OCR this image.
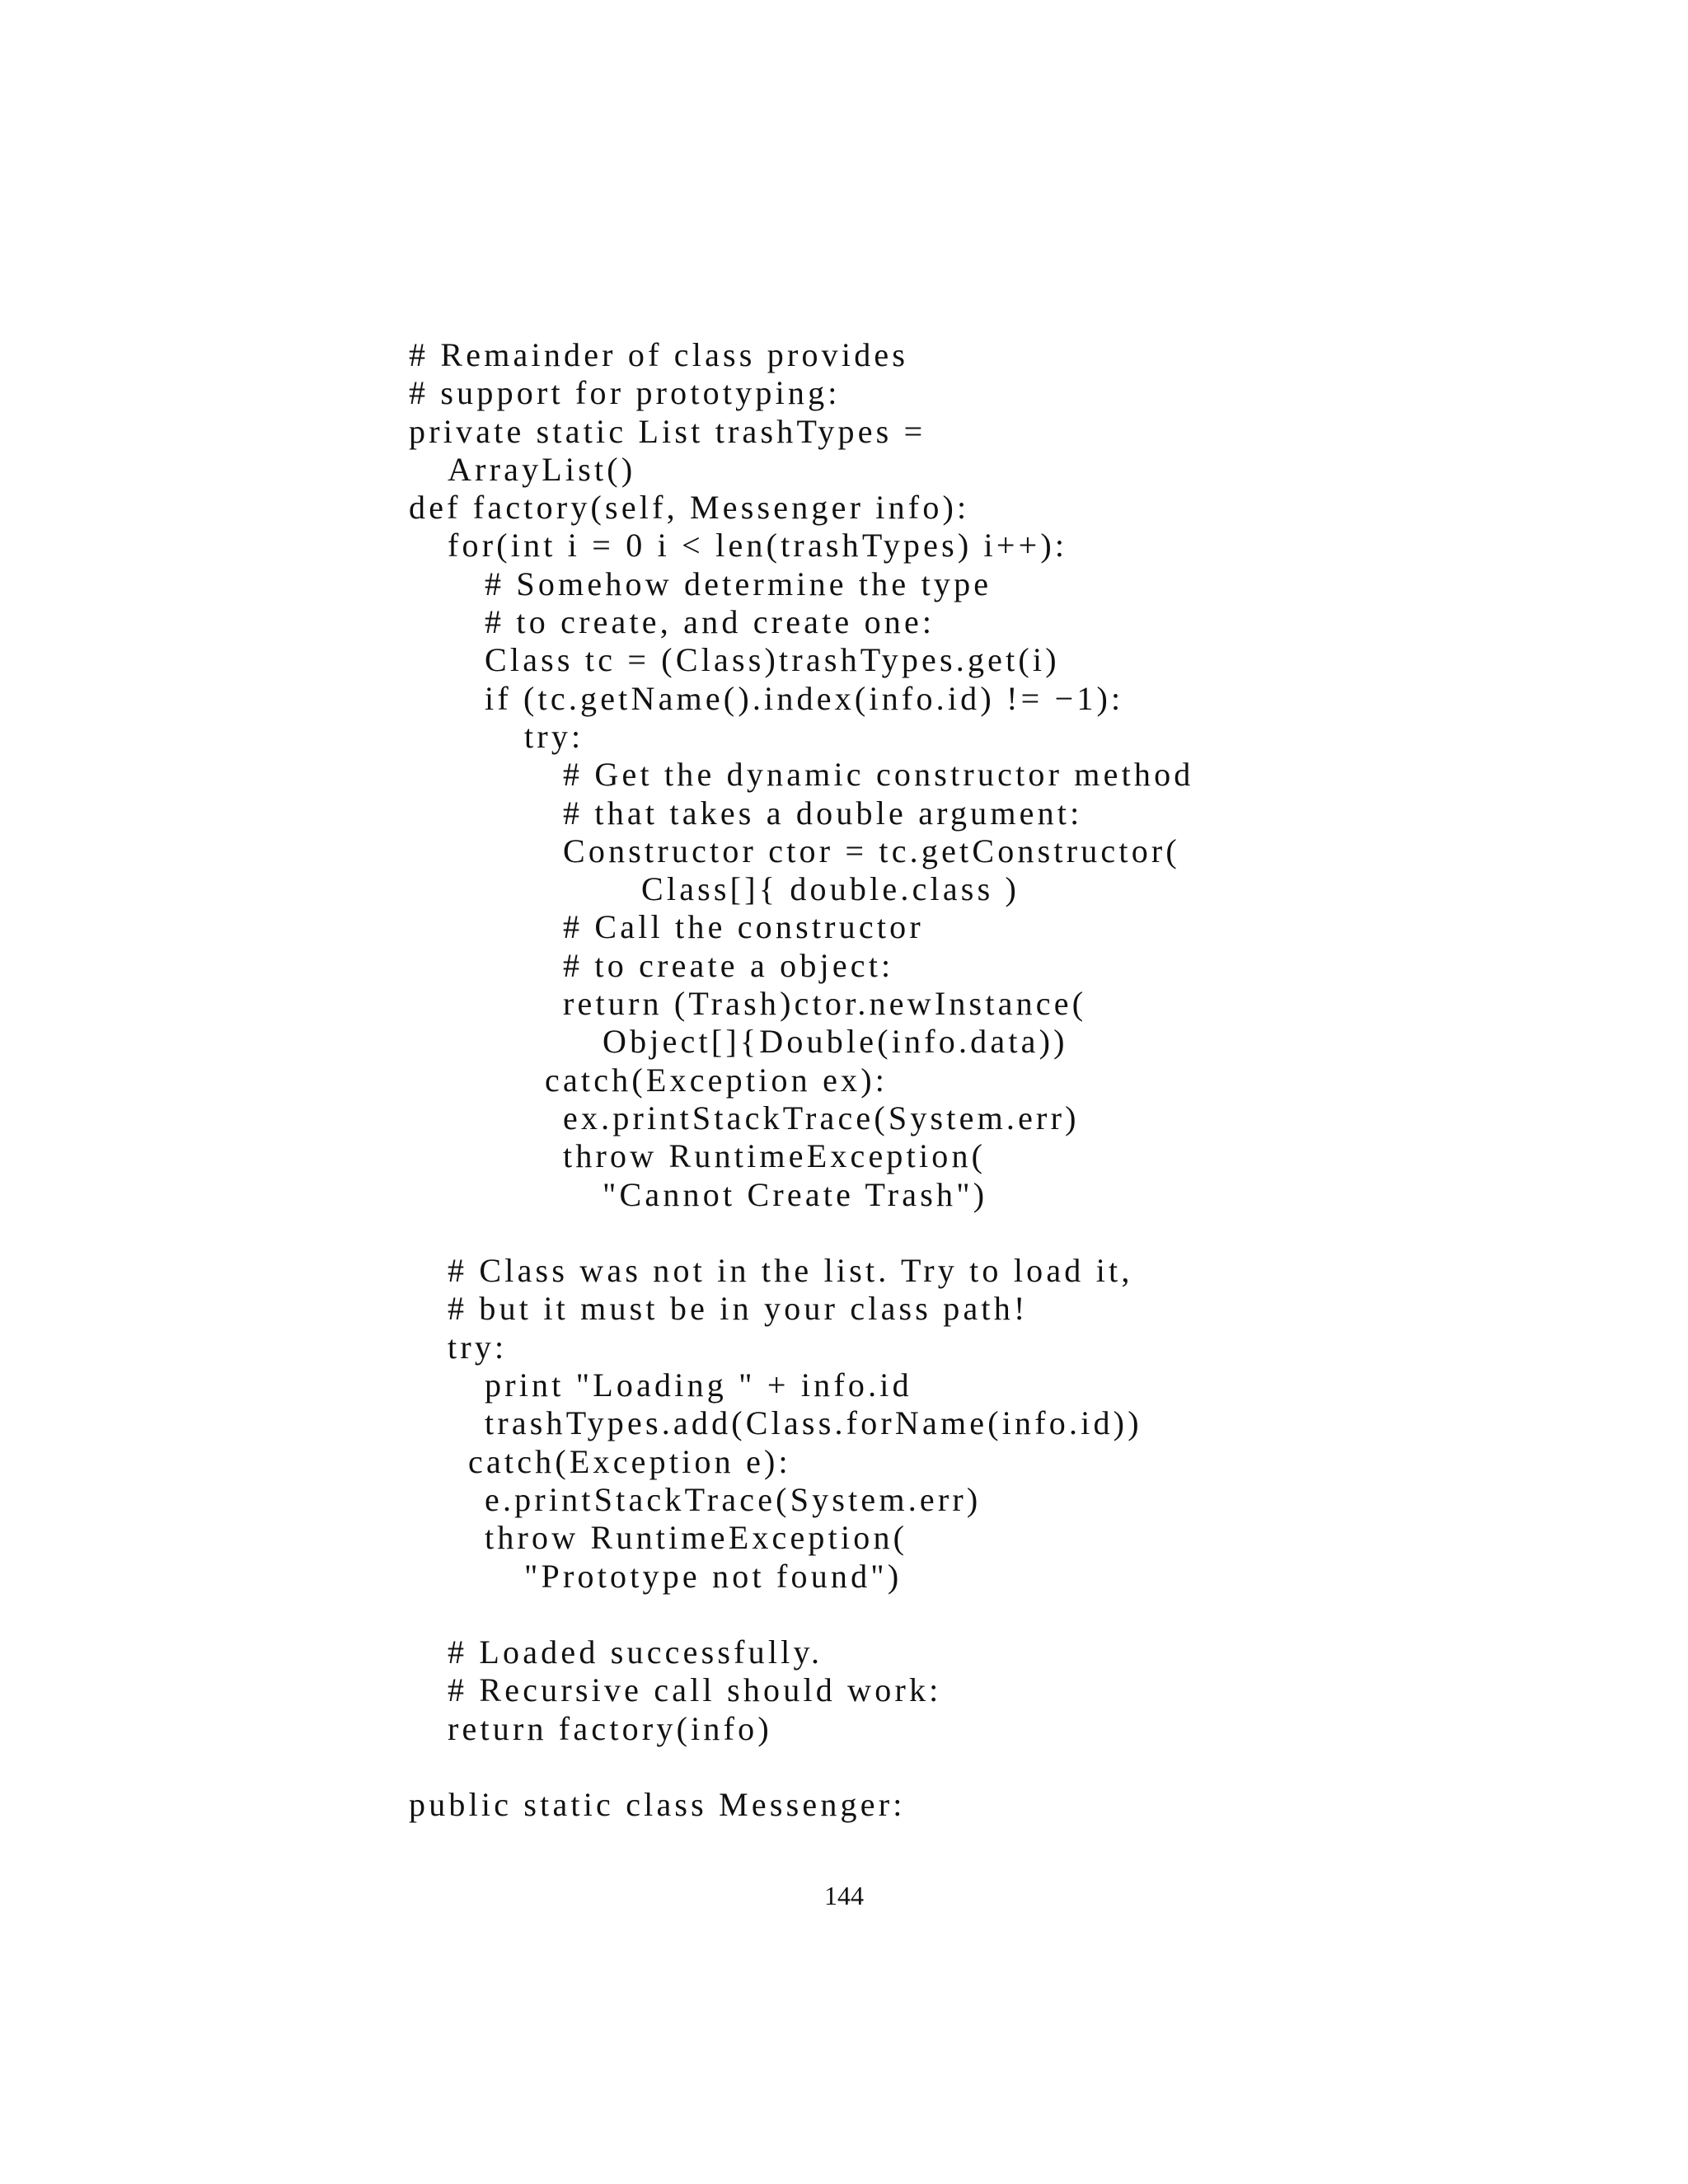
# Remainder of class provides
# support for prototyping:
private static List trashTypes =
ArrayList()
def factory(self, Messenger info):
for(int i = 0 i < len(trashTypes) i++):
# Somehow determine the type
# to create, and create one:
Class tc = (Class)trashTypes.get(i)
if (tc.getName().index(info.id) != −1):
try:
# Get the dynamic constructor method
# that takes a double argument:
Constructor ctor = tc.getConstructor(
Class[]{ double.class )
# Call the constructor
# to create a object:
return (Trash)ctor.newInstance(
Object[]{Double(info.data))
catch(Exception ex):
ex.printStackTrace(System.err)
throw RuntimeException(
"Cannot Create Trash")
# Class was not in the list. Try to load it,
# but it must be in your class path!
try:
print "Loading " + info.id
trashTypes.add(Class.forName(info.id))
catch(Exception e):
e.printStackTrace(System.err)
throw RuntimeException(
"Prototype not found")
# Loaded successfully.
# Recursive call should work:
return factory(info)
public static class Messenger:
144
